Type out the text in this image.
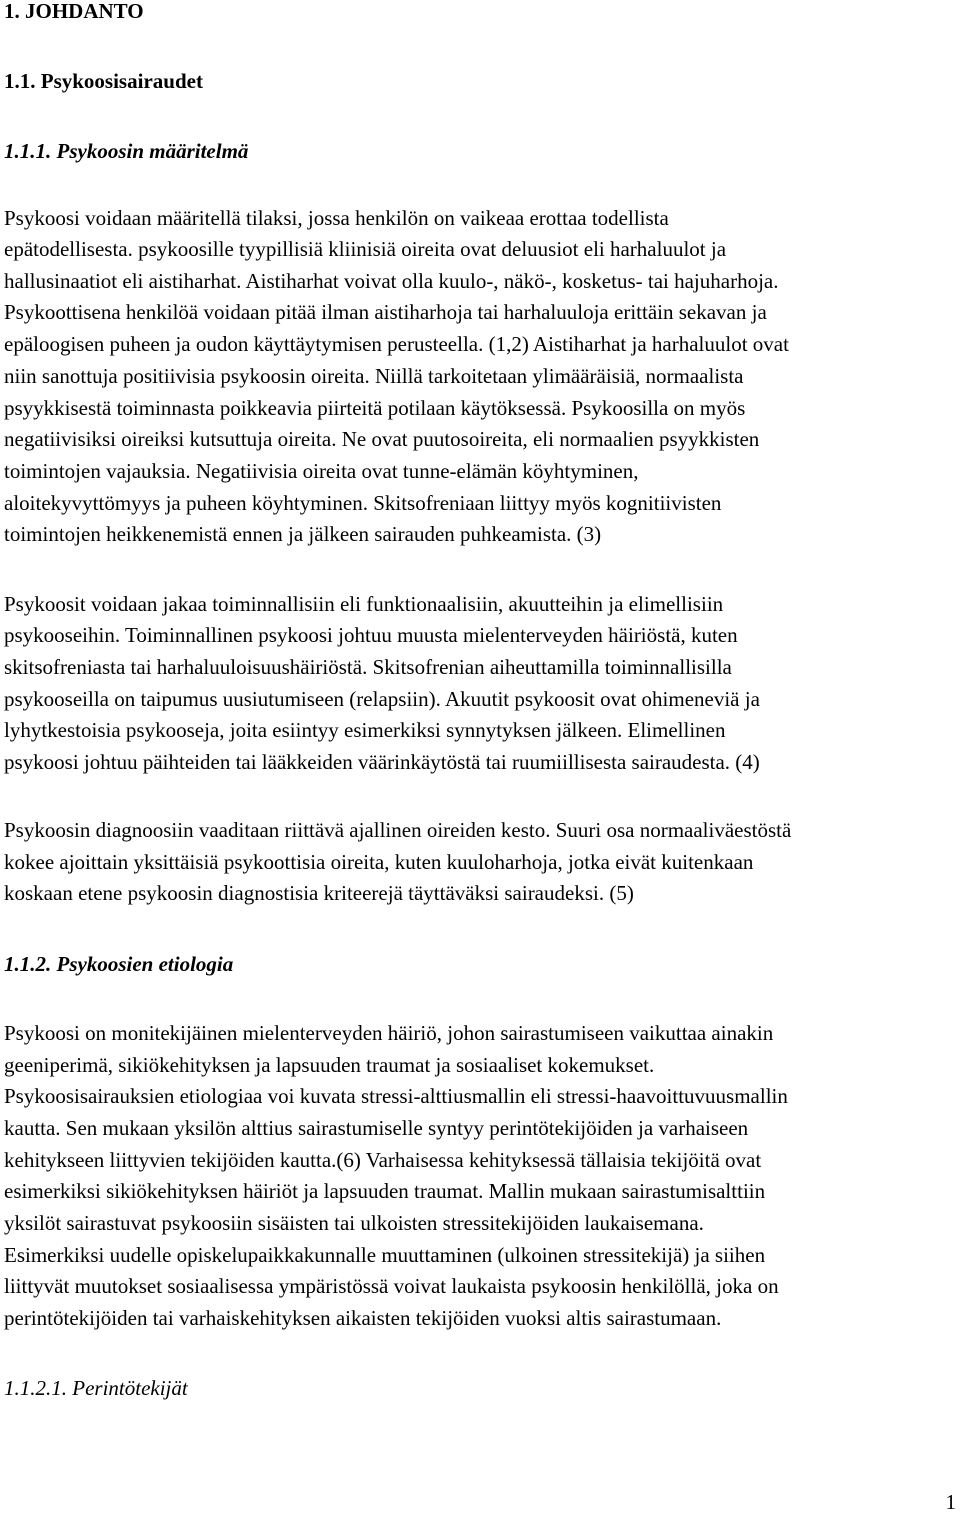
1. JOHDANTO
1.1. Psykoosisairaudet
1.1.1. Psykoosin määritelmä
Psykoosi voidaan määritellä tilaksi, jossa henkilön on vaikeaa erottaa todellista
epätodellisesta. psykoosille tyypillisiä kliinisiä oireita ovat deluusiot eli harhaluulot ja
hallusinaatiot eli aistiharhat. Aistiharhat voivat olla kuulo-, näkö-, kosketus- tai hajuharhoja.
Psykoottisena henkilöä voidaan pitää ilman aistiharhoja tai harhaluuloja erittäin sekavan ja
epäloogisen puheen ja oudon käyttäytymisen perusteella. (1,2) Aistiharhat ja harhaluulot ovat
niin sanottuja positiivisia psykoosin oireita. Niillä tarkoitetaan ylimääräisiä, normaalista
psyykkisestä toiminnasta poikkeavia piirteitä potilaan käytöksessä. Psykoosilla on myös
negatiivisiksi oireiksi kutsuttuja oireita. Ne ovat puutosoireita, eli normaalien psyykkisten
toimintojen vajauksia. Negatiivisia oireita ovat tunne-elämän köyhtyminen,
aloitekyvyttömyys ja puheen köyhtyminen. Skitsofreniaan liittyy myös kognitiivisten
toimintojen heikkenemistä ennen ja jälkeen sairauden puhkeamista. (3)
Psykoosit voidaan jakaa toiminnallisiin eli funktionaalisiin, akuutteihin ja elimellisiin
psykooseihin. Toiminnallinen psykoosi johtuu muusta mielenterveyden häiriöstä, kuten
skitsofreniasta tai harhaluuloisuushäiriöstä. Skitsofrenian aiheuttamilla toiminnallisilla
psykooseilla on taipumus uusiutumiseen (relapsiin). Akuutit psykoosit ovat ohimeneviä ja
lyhytkestoisia psykooseja, joita esiintyy esimerkiksi synnytyksen jälkeen. Elimellinen
psykoosi johtuu päihteiden tai lääkkeiden väärinkäytöstä tai ruumiillisesta sairaudesta. (4)
Psykoosin diagnoosiin vaaditaan riittävä ajallinen oireiden kesto. Suuri osa normaaliväestöstä
kokee ajoittain yksittäisiä psykoottisia oireita, kuten kuuloharhoja, jotka eivät kuitenkaan
koskaan etene psykoosin diagnostisia kriteerejä täyttäväksi sairaudeksi. (5)
1.1.2. Psykoosien etiologia
Psykoosi on monitekijäinen mielenterveyden häiriö, johon sairastumiseen vaikuttaa ainakin
geeniperimä, sikiökehityksen ja lapsuuden traumat ja sosiaaliset kokemukset.
Psykoosisairauksien etiologiaa voi kuvata stressi-alttiusmallin eli stressi-haavoittuvuusmallin
kautta. Sen mukaan yksilön alttius sairastumiselle syntyy perintötekijöiden ja varhaiseen
kehitykseen liittyvien tekijöiden kautta.(6) Varhaisessa kehityksessä tällaisia tekijöitä ovat
esimerkiksi sikiökehityksen häiriöt ja lapsuuden traumat. Mallin mukaan sairastumisalttiin
yksilöt sairastuvat psykoosiin sisäisten tai ulkoisten stressitekijöiden laukaisemana.
Esimerkiksi uudelle opiskelupaikkakunnalle muuttaminen (ulkoinen stressitekijä) ja siihen
liittyvät muutokset sosiaalisessa ympäristössä voivat laukaista psykoosin henkilöllä, joka on
perintötekijöiden tai varhaiskehityksen aikaisten tekijöiden vuoksi altis sairastumaan.
1.1.2.1. Perintötekijät
1
